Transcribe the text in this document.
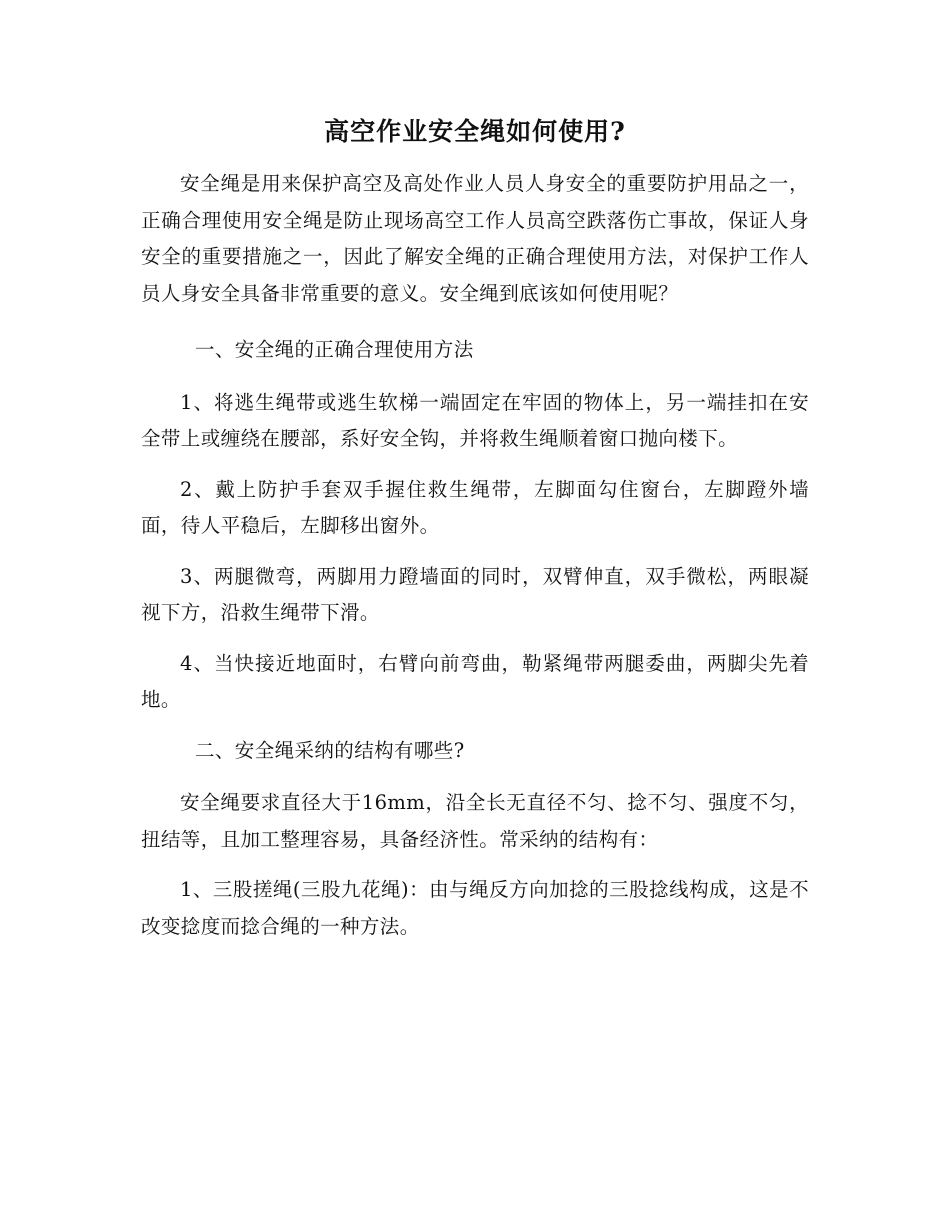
高空作业安全绳如何使用?

安全绳是用来保护高空及高处作业人员人身安全的重要防护用品之一，正确合理使用安全绳是防止现场高空工作人员高空跌落伤亡事故，保证人身安全的重要措施之一，因此了解安全绳的正确合理使用方法，对保护工作人员人身安全具备非常重要的意义。安全绳到底该如何使用呢？

一、安全绳的正确合理使用方法

1、将逃生绳带或逃生软梯一端固定在牢固的物体上，另一端挂扣在安全带上或缠绕在腰部，系好安全钩，并将救生绳顺着窗口抛向楼下。

2、戴上防护手套双手握住救生绳带，左脚面勾住窗台，左脚蹬外墙面，待人平稳后，左脚移出窗外。

3、两腿微弯，两脚用力蹬墙面的同时，双臂伸直，双手微松，两眼凝视下方，沿救生绳带下滑。

4、当快接近地面时，右臂向前弯曲，勒紧绳带两腿委曲，两脚尖先着地。

二、安全绳采纳的结构有哪些?

安全绳要求直径大于16mm，沿全长无直径不匀、捻不匀、强度不匀，扭结等，且加工整理容易，具备经济性。常采纳的结构有：

1、三股搓绳(三股九花绳)：由与绳反方向加捻的三股捻线构成，这是不改变捻度而捻合绳的一种方法。
